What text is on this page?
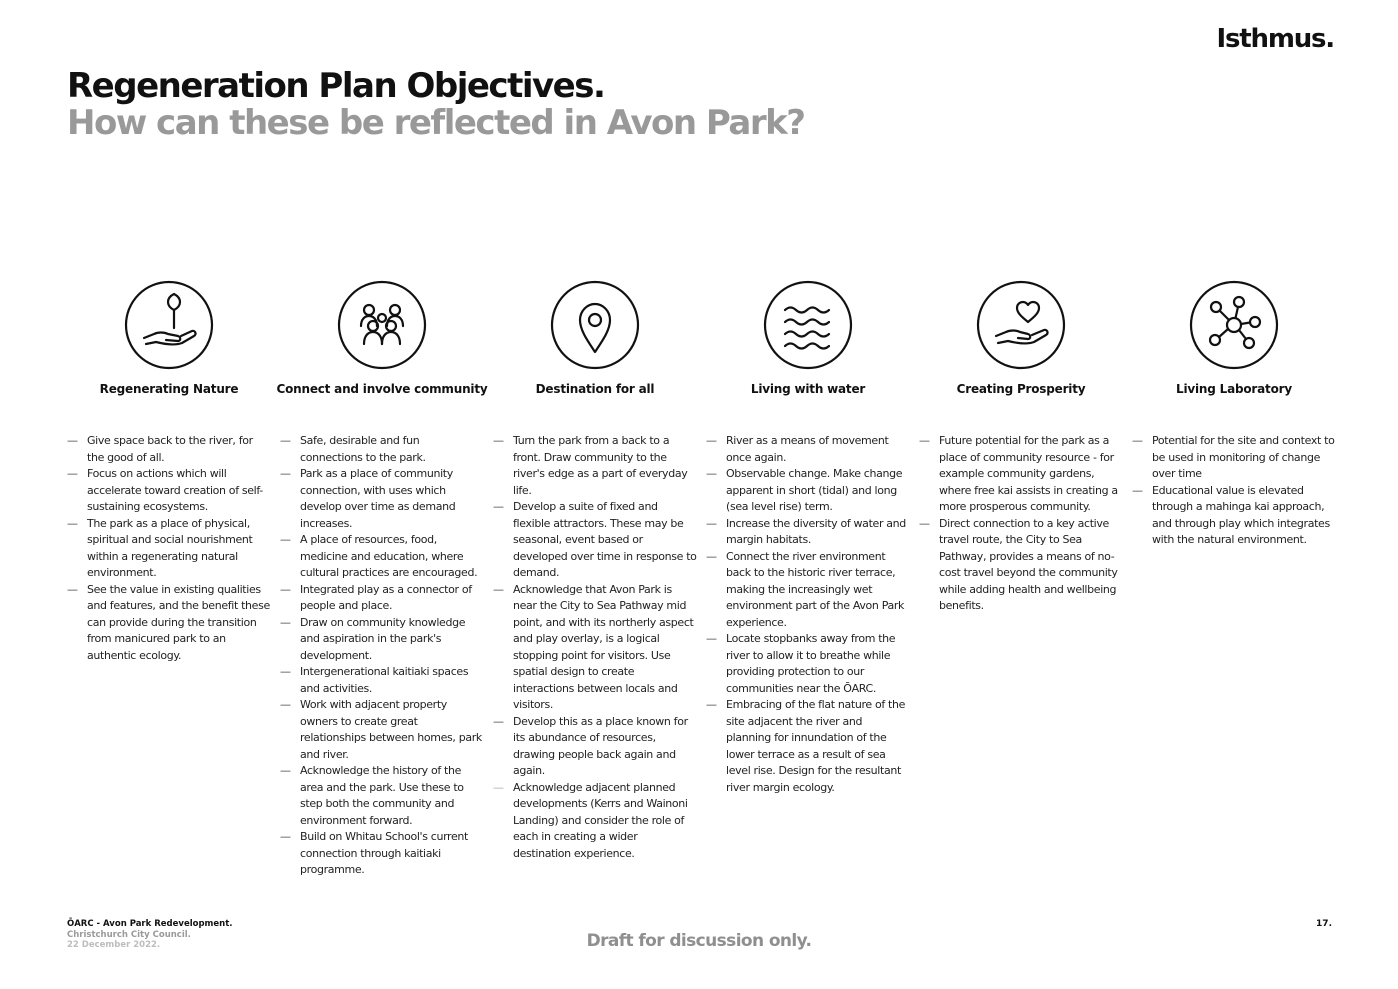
Isthmus.
Regeneration Plan Objectives.
How can these be reflected in Avon Park?
Regenerating Nature
— Give space back to the river, for the good of all.
— Focus on actions which will accelerate toward creation of self-sustaining ecosystems.
— The park as a place of physical, spiritual and social nourishment within a regenerating natural environment.
— See the value in existing qualities and features, and the benefit these can provide during the transition from manicured park to an authentic ecology.
Connect and involve community
— Safe, desirable and fun connections to the park.
— Park as a place of community connection, with uses which develop over time as demand increases.
— A place of resources, food, medicine and education, where cultural practices are encouraged.
— Integrated play as a connector of people and place.
— Draw on community knowledge and aspiration in the park's development.
— Intergenerational kaitiaki spaces and activities.
— Work with adjacent property owners to create great relationships between homes, park and river.
— Acknowledge the history of the area and the park. Use these to step both the community and environment forward.
— Build on Whitau School's current connection through kaitiaki programme.
Destination for all
— Turn the park from a back to a front. Draw community to the river's edge as a part of everyday life.
— Develop a suite of fixed and flexible attractors. These may be seasonal, event based or developed over time in response to demand.
— Acknowledge that Avon Park is near the City to Sea Pathway mid point, and with its northerly aspect and play overlay, is a logical stopping point for visitors. Use spatial design to create interactions between locals and visitors.
— Develop this as a place known for its abundance of resources, drawing people back again and again.
— Acknowledge adjacent planned developments (Kerrs and Wainoni Landing) and consider the role of each in creating a wider destination experience.
Living with water
— River as a means of movement once again.
— Observable change. Make change apparent in short (tidal) and long (sea level rise) term.
— Increase the diversity of water and margin habitats.
— Connect the river environment back to the historic river terrace, making the increasingly wet environment part of the Avon Park experience.
— Locate stopbanks away from the river to allow it to breathe while providing protection to our communities near the ŌARC.
— Embracing of the flat nature of the site adjacent the river and planning for innundation of the lower terrace as a result of sea level rise. Design for the resultant river margin ecology.
Creating Prosperity
— Future potential for the park as a place of community resource - for example community gardens, where free kai assists in creating a more prosperous community.
— Direct connection to a key active travel route, the City to Sea Pathway, provides a means of no-cost travel beyond the community while adding health and wellbeing benefits.
Living Laboratory
— Potential for the site and context to be used in monitoring of change over time
— Educational value is elevated through a mahinga kai approach, and through play which integrates with the natural environment.
ŌARC - Avon Park Redevelopment.
Christchurch City Council.
22 December 2022.	Draft for discussion only.
17.
